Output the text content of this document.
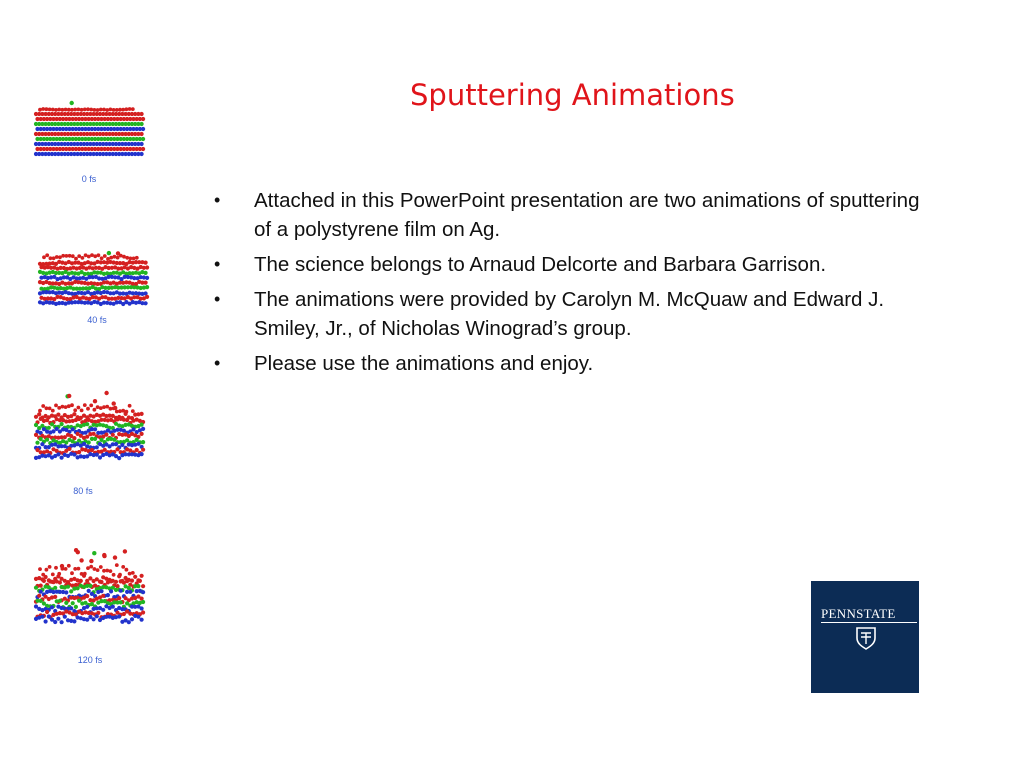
Sputtering Animations
• Attached in this PowerPoint presentation are two animations of sputtering of a polystyrene film on Ag.
• The science belongs to Arnaud Delcorte and Barbara Garrison.
• The animations were provided by Carolyn M. McQuaw and Edward J. Smiley, Jr., of Nicholas Winograd’s group.
• Please use the animations and enjoy.
0 fs
40 fs
80 fs
120 fs
PENNSTATE
